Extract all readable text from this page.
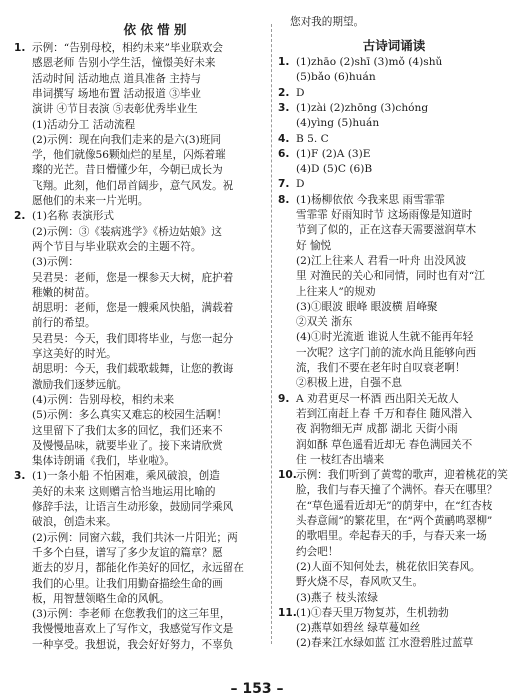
依 依 惜 别
1. 示例：“告别母校，相约未来”毕业联欢会
感恩老师 告别小学生活，憧憬美好未来
活动时间 活动地点 道具准备 主持与
串词撰写 场地布置 活动报道 ③毕业
演讲 ④节目表演 ⑤表彰优秀毕业生
(1)活动分工 活动流程
(2)示例：现在向我们走来的是六(3)班同
学，他们就像56颗灿烂的星星，闪烁着璀
璨的光芒。昔日懵懂少年，今朝已成长为
飞翔。此刻，他们昂首阔步，意气风发。祝
愿他们的未来一片光明。
2. (1)名称 表演形式
(2)示例：③《装病逃学》《桥边姑娘》这
两个节目与毕业联欢会的主题不符。
(3)示例：
吴君昊：老师，您是一棵参天大树，庇护着
稚嫩的树苗。
胡思明：老师，您是一艘乘风快船，满载着
前行的希望。
吴君昊：今天，我们即将毕业，与您一起分
享这美好的时光。
胡思明：今天，我们载歌载舞，让您的教诲
激励我们逐梦远航。
(4)示例：告别母校，相约未来
(5)示例：多么真实又难忘的校园生活啊！
这里留下了我们太多的回忆，我们还来不
及慢慢品味，就要毕业了。接下来请欣赏
集体诗朗诵《我们，毕业啦》。
3. (1)一条小船 不怕困难，乘风破浪，创造
美好的未来 这则赠言恰当地运用比喻的
修辞手法，让语言生动形象，鼓励同学乘风
破浪，创造未来。
(2)示例：同窗六载，我们共沐一片阳光；两
千多个白昼，谱写了多少友谊的篇章？愿
逝去的岁月，都能化作美好的回忆，永远留在
我们的心里。让我们用勤奋描绘生命的画
板，用智慧领略生命的风帆。
(3)示例：李老师 在您教我们的这三年里，
我慢慢地喜欢上了写作文，我感觉写作文是
一种享受。我想说，我会好好努力，不辜负
您对我的期望。
古诗词诵读
1. (1)zhāo (2)shī (3)mǒ (4)shǔ
(5)bǎo (6)huán
2. D
3. (1)zài (2)zhōng (3)chóng
(4)yìng (5)huán
4. B 5. C
6. (1)F (2)A (3)E
(4)D (5)C (6)B
7. D
8. (1)杨柳依依 今我来思 雨雪霏霏
雪霏霏 好雨知时节 这场雨像是知道时
节到了似的，正在这春天需要滋润草木
好 愉悦
(2)江上往来人 君看一叶舟 出没风波
里 对渔民的关心和同情，同时也有对“江
上往来人”的规劝
(3)①眼波 眼峰 眼波横 眉峰聚
②双关 浙东
(4)①时光流逝 谁说人生就不能再年轻
一次呢？这字门前的流水尚且能够向西
流，我们不要在老年时自叹衰老啊！
②积极上进，自强不息
9. A 劝君更尽一杯酒 西出阳关无故人
若到江南赶上春 千万和春住 随风潜入
夜 润物细无声 成都 湖北 天街小雨
润如酥 草色遥看近却无 春色满园关不
住 一枝红杏出墙来
10. 示例：我们听到了黄莺的歌声，迎着桃花的笑
脸，我们与春天撞了个满怀。春天在哪里？
在“草色遥看近却无”的荫芽中，在“红杏枝
头春意闹”的繁花里，在“两个黄鹂鸣翠柳”
的歌唱里。牵起春天的手，与春天来一场
约会吧！
(2)人面不知何处去，桃花依旧笑春风。
野火烧不尽，春风吹又生。
(3)燕子 枝头浓绿
11. (1)①春天里万物复苏，生机勃勃
(2)燕草如碧丝 绿草蔓如丝
(2)春来江水绿如蓝 江水澄碧胜过蓝草
– 153 –
